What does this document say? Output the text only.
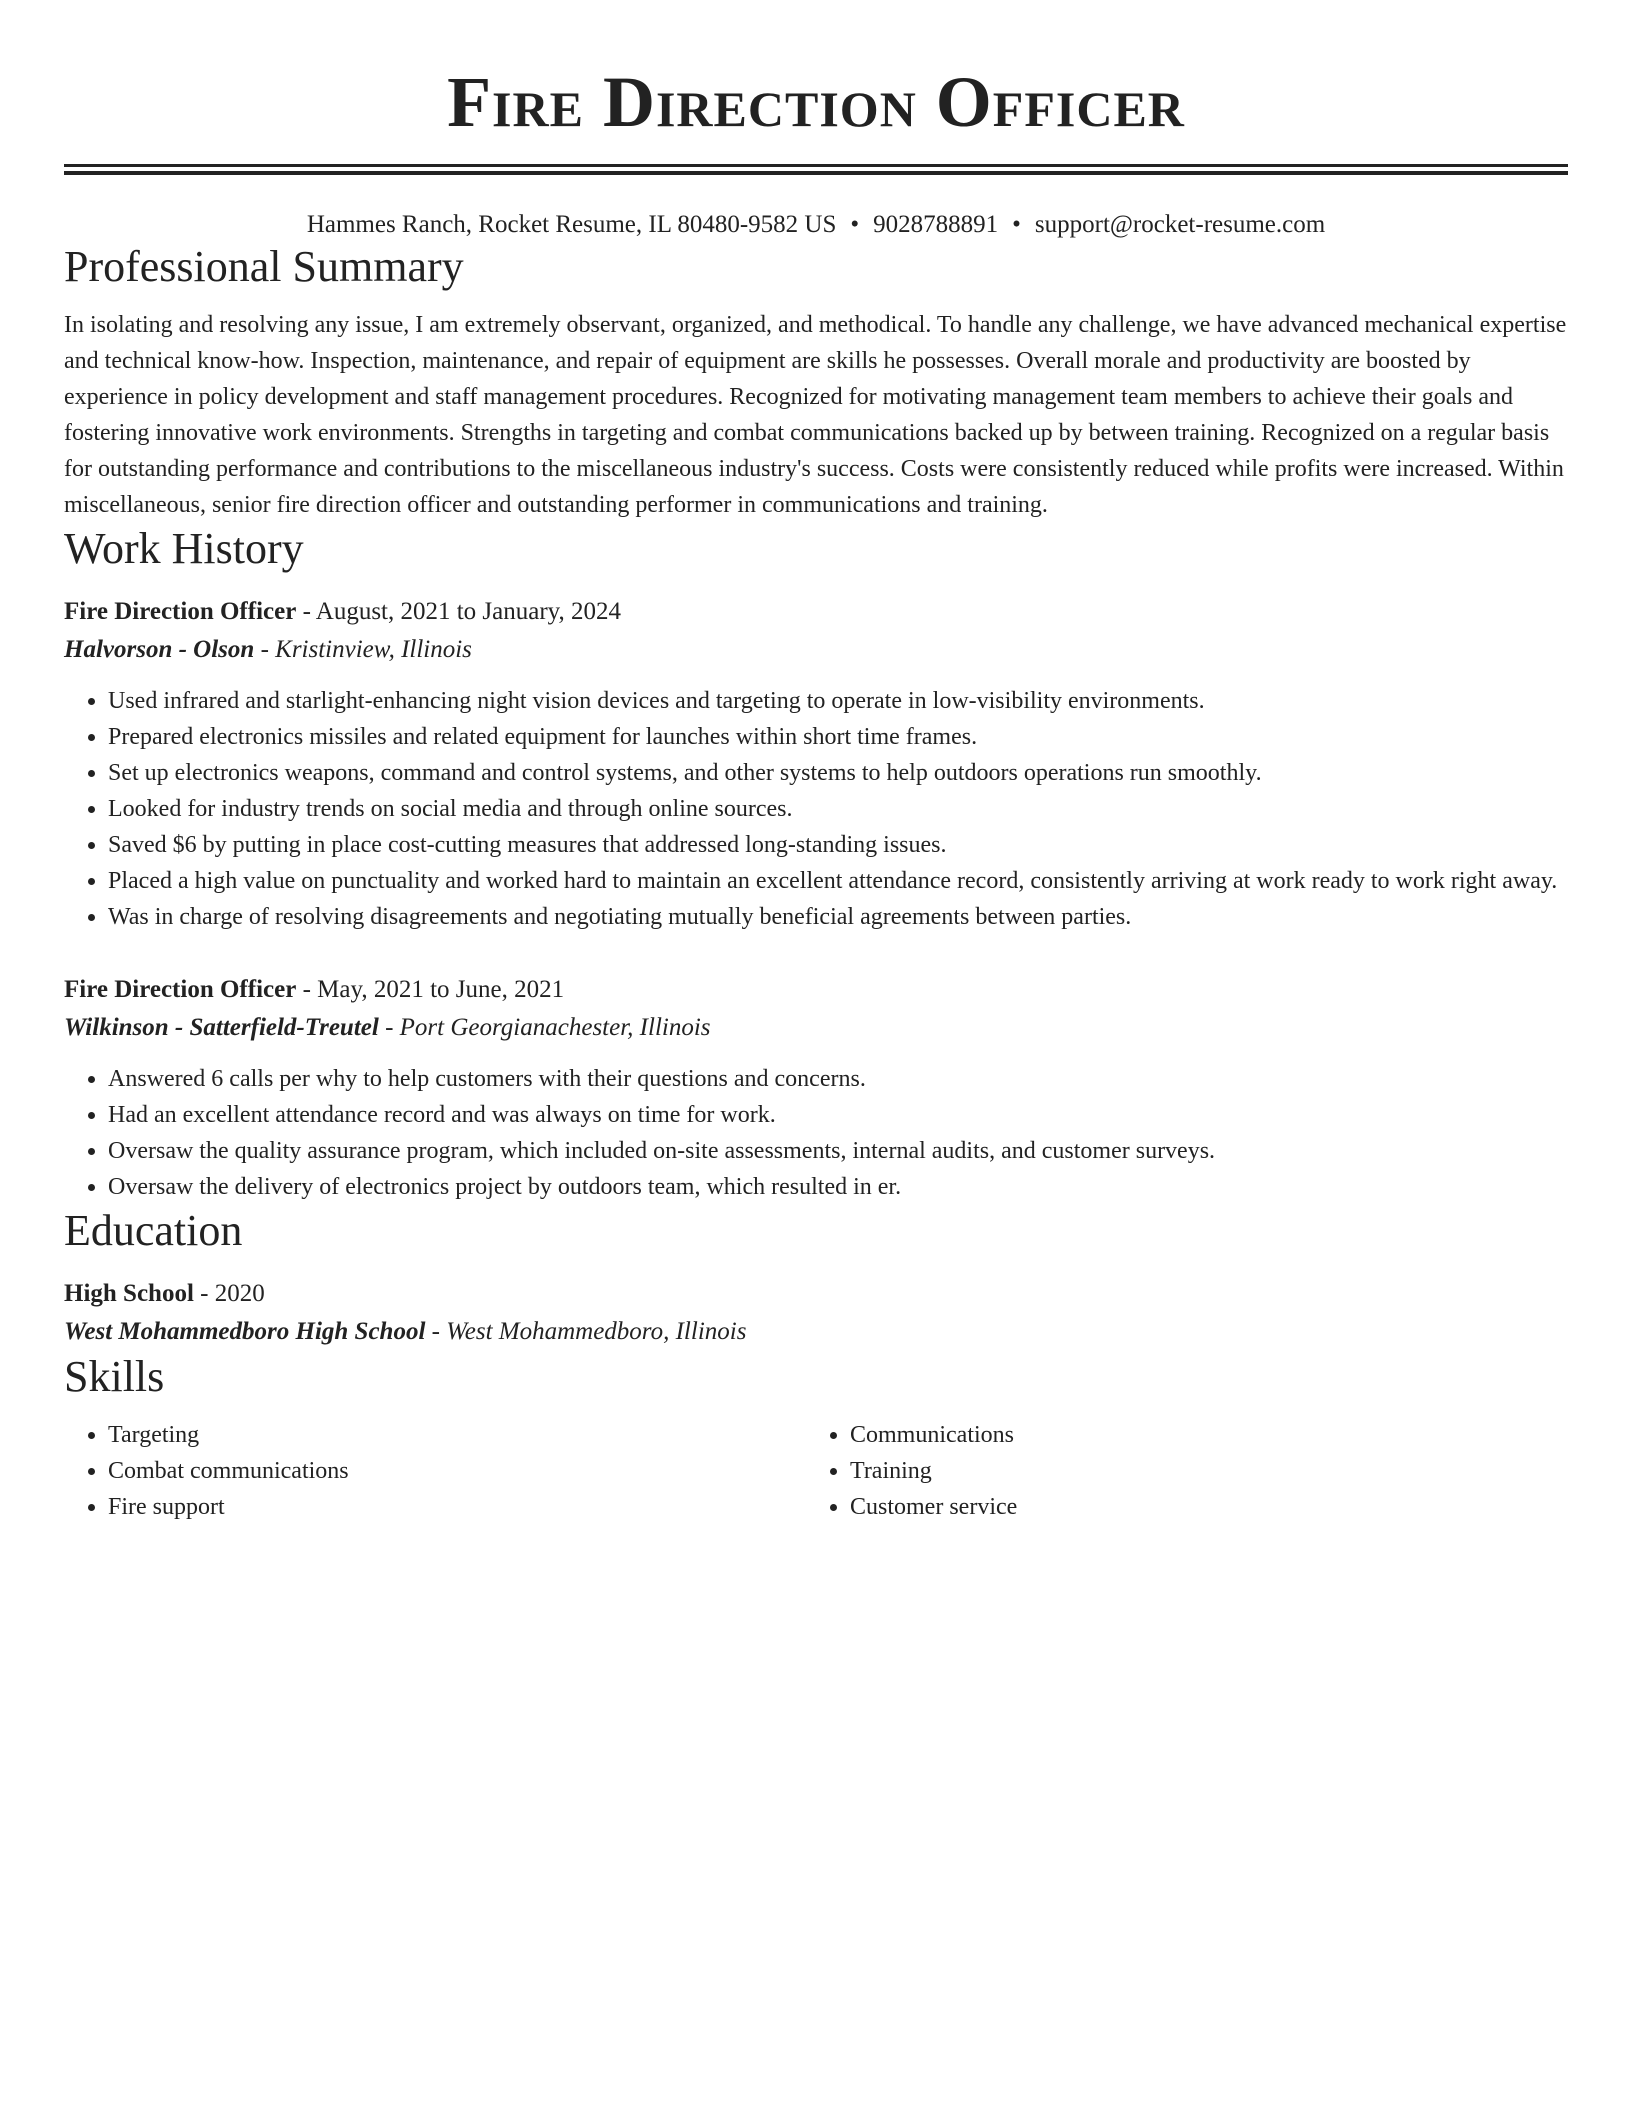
Fire Direction Officer
Hammes Ranch, Rocket Resume, IL 80480-9582 US • 9028788891 • support@rocket-resume.com
Professional Summary
In isolating and resolving any issue, I am extremely observant, organized, and methodical. To handle any challenge, we have advanced mechanical expertise and technical know-how. Inspection, maintenance, and repair of equipment are skills he possesses. Overall morale and productivity are boosted by experience in policy development and staff management procedures. Recognized for motivating management team members to achieve their goals and fostering innovative work environments. Strengths in targeting and combat communications backed up by between training. Recognized on a regular basis for outstanding performance and contributions to the miscellaneous industry's success. Costs were consistently reduced while profits were increased. Within miscellaneous, senior fire direction officer and outstanding performer in communications and training.
Work History
Fire Direction Officer - August, 2021 to January, 2024
Halvorson - Olson - Kristinview, Illinois
• Used infrared and starlight-enhancing night vision devices and targeting to operate in low-visibility environments.
• Prepared electronics missiles and related equipment for launches within short time frames.
• Set up electronics weapons, command and control systems, and other systems to help outdoors operations run smoothly.
• Looked for industry trends on social media and through online sources.
• Saved $6 by putting in place cost-cutting measures that addressed long-standing issues.
• Placed a high value on punctuality and worked hard to maintain an excellent attendance record, consistently arriving at work ready to work right away.
• Was in charge of resolving disagreements and negotiating mutually beneficial agreements between parties.
Fire Direction Officer - May, 2021 to June, 2021
Wilkinson - Satterfield-Treutel - Port Georgianachester, Illinois
• Answered 6 calls per why to help customers with their questions and concerns.
• Had an excellent attendance record and was always on time for work.
• Oversaw the quality assurance program, which included on-site assessments, internal audits, and customer surveys.
• Oversaw the delivery of electronics project by outdoors team, which resulted in er.
Education
High School - 2020
West Mohammedboro High School - West Mohammedboro, Illinois
Skills
• Targeting
• Combat communications
• Fire support
• Communications
• Training
• Customer service
